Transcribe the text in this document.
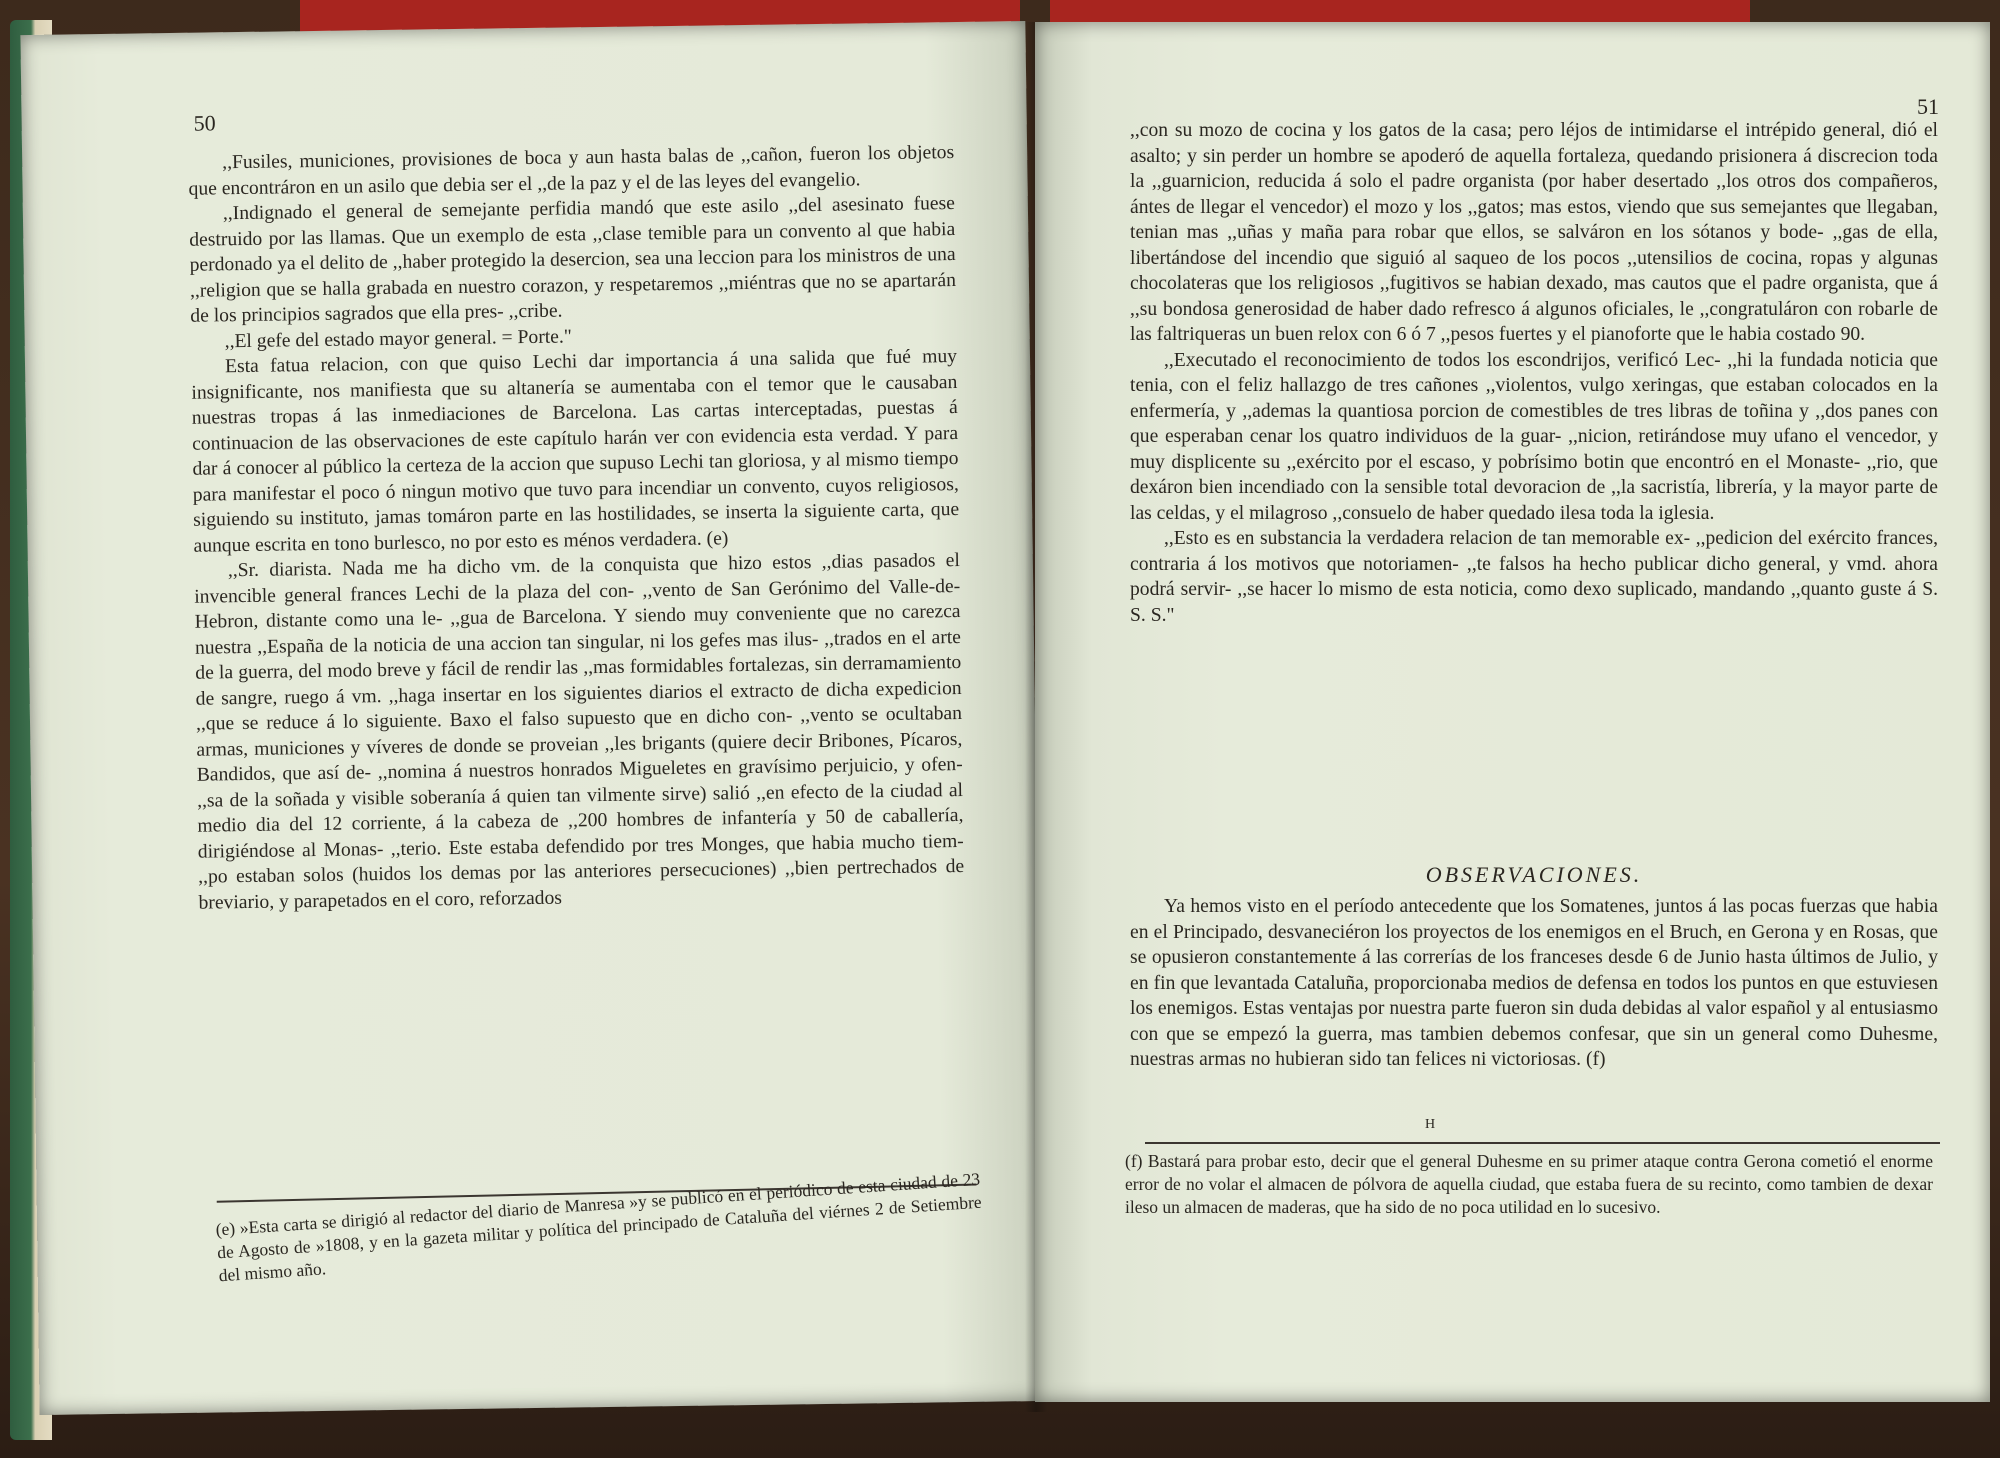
50

,,Fusiles, municiones, provisiones de boca y aun hasta balas de ,,cañon, fueron los objetos que encontráron en un asilo que debia ser el ,,de la paz y el de las leyes del evangelio.

,,Indignado el general de semejante perfidia mandó que este asilo ,,del asesinato fuese destruido por las llamas. Que un exemplo de esta ,,clase temible para un convento al que habia perdonado ya el delito de ,,haber protegido la desercion, sea una leccion para los ministros de una ,,religion que se halla grabada en nuestro corazon, y respetaremos ,,miéntras que no se apartarán de los principios sagrados que ella pres- ,,cribe.

,,El gefe del estado mayor general. = Porte."

Esta fatua relacion, con que quiso Lechi dar importancia á una salida que fué muy insignificante, nos manifiesta que su altanería se aumentaba con el temor que le causaban nuestras tropas á las inmediaciones de Barcelona. Las cartas interceptadas, puestas á continuacion de las observaciones de este capítulo harán ver con evidencia esta verdad. Y para dar á conocer al público la certeza de la accion que supuso Lechi tan gloriosa, y al mismo tiempo para manifestar el poco ó ningun motivo que tuvo para incendiar un convento, cuyos religiosos, siguiendo su instituto, jamas tomáron parte en las hostilidades, se inserta la siguiente carta, que aunque escrita en tono burlesco, no por esto es ménos verdadera. (e)

,,Sr. diarista. Nada me ha dicho vm. de la conquista que hizo estos ,,dias pasados el invencible general frances Lechi de la plaza del con- ,,vento de San Gerónimo del Valle-de-Hebron, distante como una le- ,,gua de Barcelona. Y siendo muy conveniente que no carezca nuestra ,,España de la noticia de una accion tan singular, ni los gefes mas ilus- ,,trados en el arte de la guerra, del modo breve y fácil de rendir las ,,mas formidables fortalezas, sin derramamiento de sangre, ruego á vm. ,,haga insertar en los siguientes diarios el extracto de dicha expedicion ,,que se reduce á lo siguiente. Baxo el falso supuesto que en dicho con- ,,vento se ocultaban armas, municiones y víveres de donde se proveian ,,les brigants (quiere decir Bribones, Pícaros, Bandidos, que así de- ,,nomina á nuestros honrados Migueletes en gravísimo perjuicio, y ofen- ,,sa de la soñada y visible soberanía á quien tan vilmente sirve) salió ,,en efecto de la ciudad al medio dia del 12 corriente, á la cabeza de ,,200 hombres de infantería y 50 de caballería, dirigiéndose al Monas- ,,terio. Este estaba defendido por tres Monges, que habia mucho tiem- ,,po estaban solos (huidos los demas por las anteriores persecuciones) ,,bien pertrechados de breviario, y parapetados en el coro, reforzados

(e) »Esta carta se dirigió al redactor del diario de Manresa »y se publicó en el periódico de esta ciudad de 23 de Agosto de »1808, y en la gazeta militar y política del principado de Cataluña del viérnes 2 de Setiembre del mismo año.

51

,,con su mozo de cocina y los gatos de la casa; pero léjos de intimidarse el intrépido general, dió el asalto; y sin perder un hombre se apoderó de aquella fortaleza, quedando prisionera á discrecion toda la ,,guarnicion, reducida á solo el padre organista (por haber desertado ,,los otros dos compañeros, ántes de llegar el vencedor) el mozo y los ,,gatos; mas estos, viendo que sus semejantes que llegaban, tenian mas ,,uñas y maña para robar que ellos, se salváron en los sótanos y bode- ,,gas de ella, libertándose del incendio que siguió al saqueo de los pocos ,,utensilios de cocina, ropas y algunas chocolateras que los religiosos ,,fugitivos se habian dexado, mas cautos que el padre organista, que á ,,su bondosa generosidad de haber dado refresco á algunos oficiales, le ,,congratuláron con robarle de las faltriqueras un buen relox con 6 ó 7 ,,pesos fuertes y el pianoforte que le habia costado 90.

,,Executado el reconocimiento de todos los escondrijos, verificó Lec- ,,hi la fundada noticia que tenia, con el feliz hallazgo de tres cañones ,,violentos, vulgo xeringas, que estaban colocados en la enfermería, y ,,ademas la quantiosa porcion de comestibles de tres libras de toñina y ,,dos panes con que esperaban cenar los quatro individuos de la guar- ,,nicion, retirándose muy ufano el vencedor, y muy displicente su ,,exército por el escaso, y pobrísimo botin que encontró en el Monaste- ,,rio, que dexáron bien incendiado con la sensible total devoracion de ,,la sacristía, librería, y la mayor parte de las celdas, y el milagroso ,,consuelo de haber quedado ilesa toda la iglesia.

,,Esto es en substancia la verdadera relacion de tan memorable ex- ,,pedicion del exército frances, contraria á los motivos que notoriamen- ,,te falsos ha hecho publicar dicho general, y vmd. ahora podrá servir- ,,se hacer lo mismo de esta noticia, como dexo suplicado, mandando ,,quanto guste á S. S. S."

OBSERVACIONES.

Ya hemos visto en el período antecedente que los Somatenes, juntos á las pocas fuerzas que habia en el Principado, desvaneciéron los proyectos de los enemigos en el Bruch, en Gerona y en Rosas, que se opusieron constantemente á las correrías de los franceses desde 6 de Junio hasta últimos de Julio, y en fin que levantada Cataluña, proporcionaba medios de defensa en todos los puntos en que estuviesen los enemigos. Estas ventajas por nuestra parte fueron sin duda debidas al valor español y al entusiasmo con que se empezó la guerra, mas tambien debemos confesar, que sin un general como Duhesme, nuestras armas no hubieran sido tan felices ni victoriosas. (f)

H

(f) Bastará para probar esto, decir que el general Duhesme en su primer ataque contra Gerona cometió el enorme error de no volar el almacen de pólvora de aquella ciudad, que estaba fuera de su recinto, como tambien de dexar ileso un almacen de maderas, que ha sido de no poca utilidad en lo sucesivo.
